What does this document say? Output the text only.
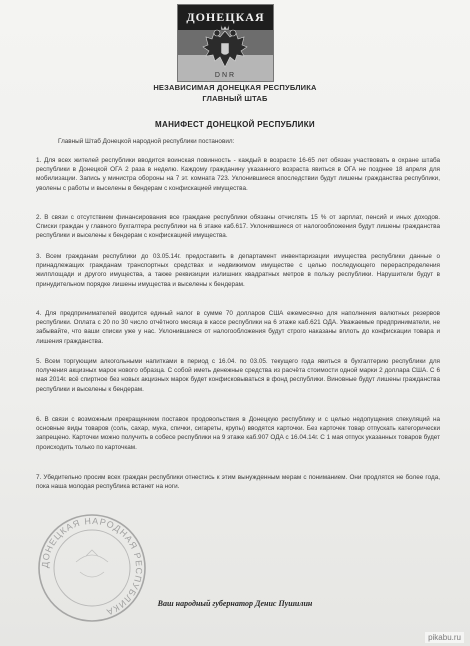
ДОНЕЦКАЯ
DNR
НЕЗАВИСИМАЯ ДОНЕЦКАЯ РЕСПУБЛИКА
ГЛАВНЫЙ ШТАБ
МАНИФЕСТ ДОНЕЦКОЙ РЕСПУБЛИКИ

Главный Штаб Донецкой народной республики постановил:

1. Для всех жителей республики вводится воинская повинность - каждый в возрасте 16-65 лет обязан участвовать в охране штаба республики в Донецкой ОГА 2 раза в неделю. Каждому гражданину указанного возраста явиться в ОГА не позднее 18 апреля для мобилизации. Запись у министра обороны на 7 эт. комната 723. Уклонившиеся впоследствии будут лишены гражданства республики, уволены с работы и выселены в бендерам с конфискацией имущества.

2. В связи с отсутствием финансирования все граждане республики обязаны отчислять 15 % от зарплат, пенсий и иных доходов. Списки граждан у главного бухгалтера республики на 6 этаже каб.617. Уклонившиеся от налогообложения будут лишены гражданства республики и выселены к бендерам с конфискацией имущества.

3. Всем гражданам республики до 03.05.14г. предоставить в департамент инвентаризации имущества республики данные о принадлежащих гражданам транспортных средствах и недвижимом имуществе с целью последующего перераспределения жилплощади и другого имущества, а также реквизиции излишних квадратных метров в пользу республики. Нарушители будут в принудительном порядке лишены имущества и выселены к бендерам.

4. Для предпринимателей вводится единый налог в сумме 70 долларов США ежемесячно для наполнения валютных резервов республики. Оплата с 20 по 30 число отчётного месяца в кассе республики на 6 этаже каб.621 ОДА. Уважаемые предприниматели, не забывайте, что ваши списки уже у нас. Уклонившиеся от налогообложения будут строго наказаны вплоть до конфискации товара и лишения гражданства.

5. Всем торгующим алкогольными напитками в период с 16.04. по 03.05. текущего года явиться в бухгалтерию республики для получения акцизных марок нового образца. С собой иметь денежные средства из расчёта стоимости одной марки 2 доллара США. С 6 мая 2014г. всё спиртное без новых акцизных марок будет конфисковываться в фонд республики. Виновные будут лишены гражданства республики и выселены к бендерам.

6. В связи с возможным прекращением поставок продовольствия в Донецкую республику и с целью недопущения спекуляций на основные виды товаров (соль, сахар, мука, спички, сигареты, крупы) вводятся карточки. Без карточек товар отпускать категорически запрещено. Карточки можно получить в собесе республики на 9 этаже каб.907 ОДА с 16.04.14г. С 1 мая отпуск указанных товаров будет происходить только по карточкам.

7. Убедительно просим всех граждан республики отнестись к этим вынужденным мерам с пониманием. Они продлятся не более года, пока наша молодая республика встанет на ноги.

ДОНЕЦКАЯ НАРОДНАЯ РЕСПУБЛИКА
Ваш народный губернатор Денис Пушилин
pikabu.ru
